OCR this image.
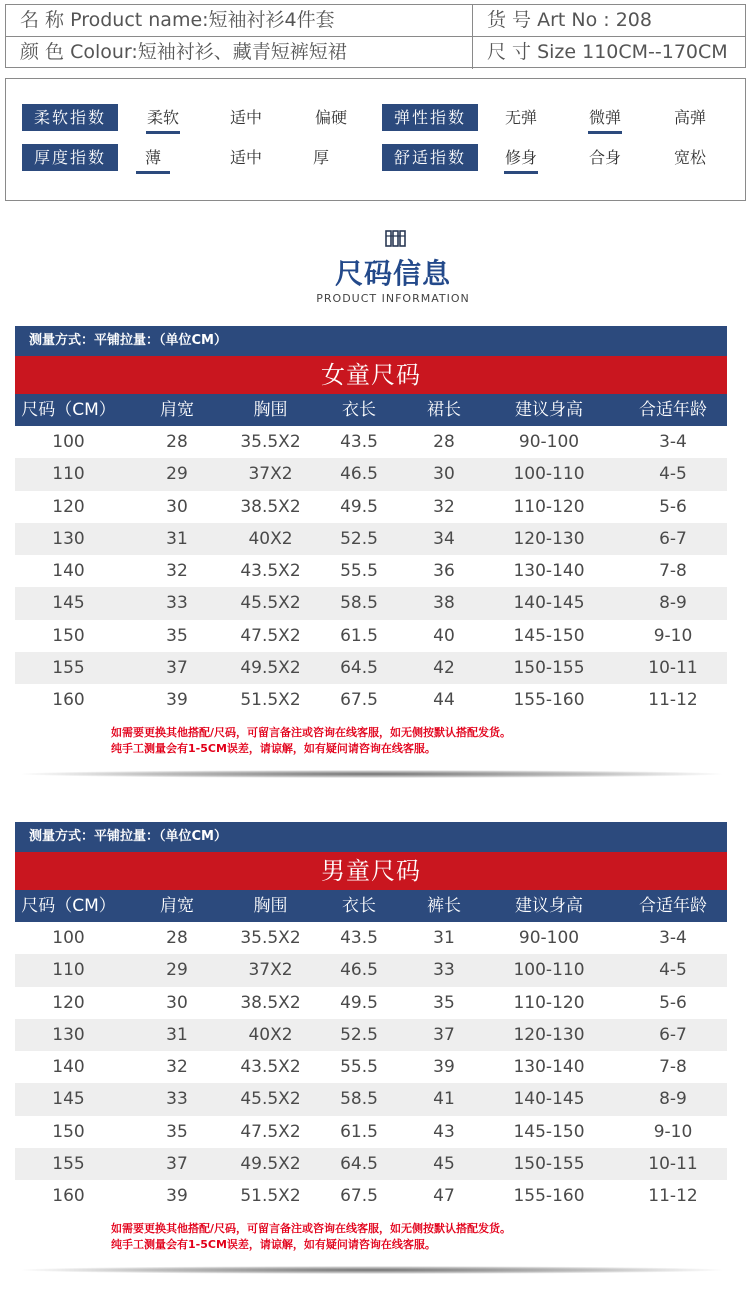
名 称 Product name:短袖衬衫4件套	货 号 Art No : 208
颜 色 Colour:短袖衬衫、藏青短裤短裙	尺 寸 Size 110CM--170CM
柔软指数	柔软	适中	偏硬	弹性指数	无弹	微弹	高弹
厚度指数	薄	适中	厚	舒适指数	修身	合身	宽松
尺码信息
PRODUCT INFORMATION
测量方式：平铺拉量：（单位CM）
女童尺码
尺码（CM）	肩宽	胸围	衣长	裙长	建议身高	合适年龄
100	28	35.5X2	43.5	28	90-100	3-4
110	29	37X2	46.5	30	100-110	4-5
120	30	38.5X2	49.5	32	110-120	5-6
130	31	40X2	52.5	34	120-130	6-7
140	32	43.5X2	55.5	36	130-140	7-8
145	33	45.5X2	58.5	38	140-145	8-9
150	35	47.5X2	61.5	40	145-150	9-10
155	37	49.5X2	64.5	42	150-155	10-11
160	39	51.5X2	67.5	44	155-160	11-12

如需要更换其他搭配/尺码，可留言备注或咨询在线客服，如无侧按默认搭配发货。

纯手工测量会有1-5CM误差，请谅解，如有疑问请咨询在线客服。

测量方式：平铺拉量：（单位CM）
男童尺码
尺码（CM）	肩宽	胸围	衣长	裤长	建议身高	合适年龄
100	28	35.5X2	43.5	31	90-100	3-4
110	29	37X2	46.5	33	100-110	4-5
120	30	38.5X2	49.5	35	110-120	5-6
130	31	40X2	52.5	37	120-130	6-7
140	32	43.5X2	55.5	39	130-140	7-8
145	33	45.5X2	58.5	41	140-145	8-9
150	35	47.5X2	61.5	43	145-150	9-10
155	37	49.5X2	64.5	45	150-155	10-11
160	39	51.5X2	67.5	47	155-160	11-12

如需要更换其他搭配/尺码，可留言备注或咨询在线客服，如无侧按默认搭配发货。

纯手工测量会有1-5CM误差，请谅解，如有疑问请咨询在线客服。
